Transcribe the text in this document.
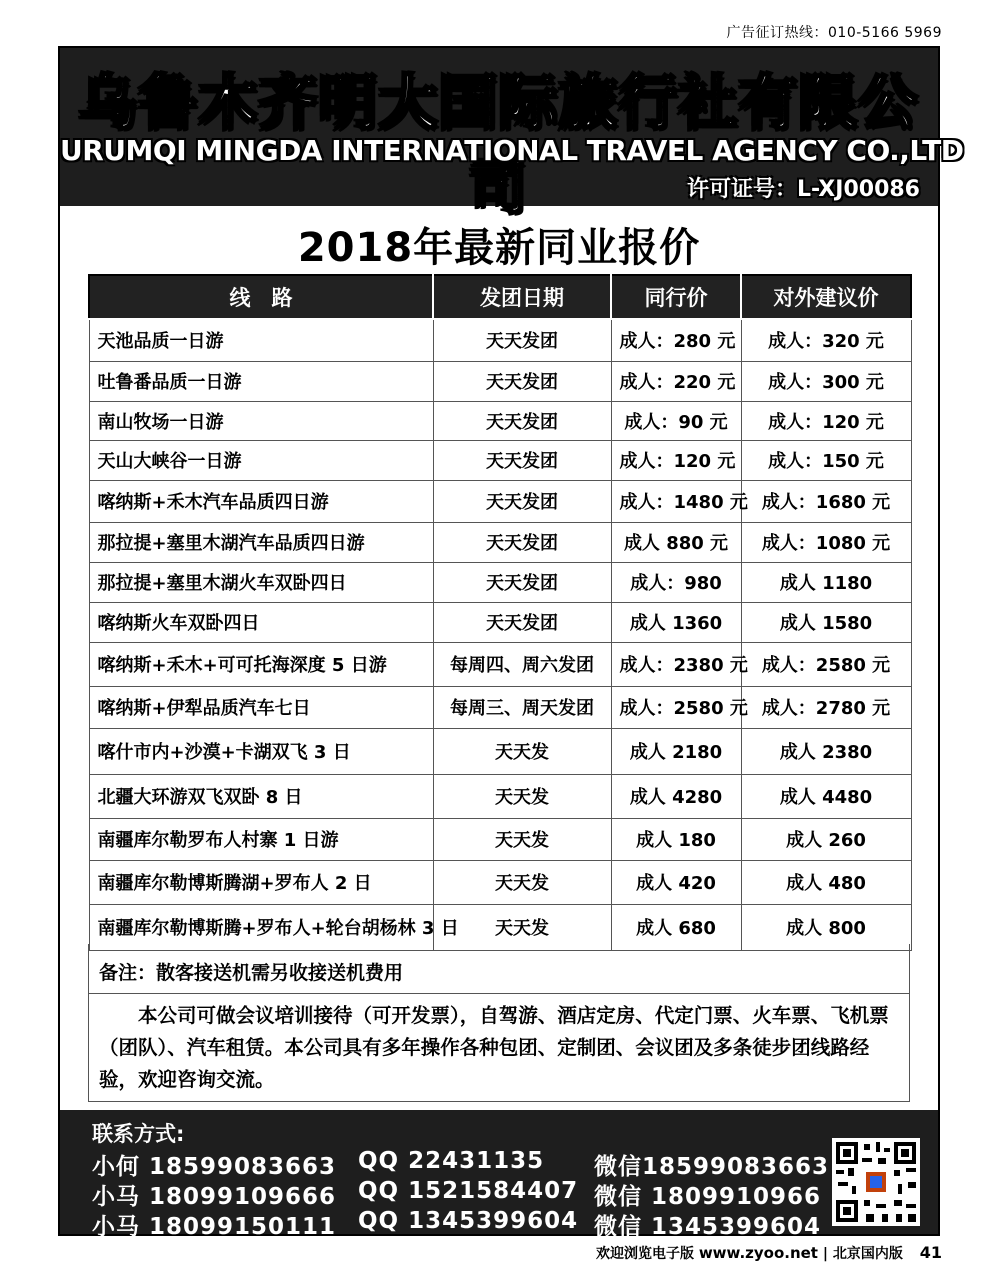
广告征订热线：010-5166 5969
乌鲁木齐明大国际旅行社有限公司
URUMQI MINGDA INTERNATIONAL TRAVEL AGENCY CO.,LTD
许可证号：L-XJ00086
2018年最新同业报价
线　路	发团日期	同行价	对外建议价
天池品质一日游	天天发团	成人：280 元	成人：320 元
吐鲁番品质一日游	天天发团	成人：220 元	成人：300 元
南山牧场一日游	天天发团	成人：90 元	成人：120 元
天山大峡谷一日游	天天发团	成人：120 元	成人：150 元
喀纳斯+禾木汽车品质四日游	天天发团	成人：1480 元	成人：1680 元
那拉提+塞里木湖汽车品质四日游	天天发团	成人 880 元	成人：1080 元
那拉提+塞里木湖火车双卧四日	天天发团	成人：980	成人 1180
喀纳斯火车双卧四日	天天发团	成人 1360	成人 1580
喀纳斯+禾木+可可托海深度 5 日游	每周四、周六发团	成人：2380 元	成人：2580 元
喀纳斯+伊犁品质汽车七日	每周三、周天发团	成人：2580 元	成人：2780 元
喀什市内+沙漠+卡湖双飞 3 日	天天发	成人 2180	成人 2380
北疆大环游双飞双卧 8 日	天天发	成人 4280	成人 4480
南疆库尔勒罗布人村寨 1 日游	天天发	成人 180	成人 260
南疆库尔勒博斯腾湖+罗布人 2 日	天天发	成人 420	成人 480
南疆库尔勒博斯腾+罗布人+轮台胡杨林 3 日	天天发	成人 680	成人 800
备注：散客接送机需另收接送机费用
本公司可做会议培训接待（可开发票），自驾游、酒店定房、代定门票、火车票、飞机票（团队）、汽车租赁。本公司具有多年操作各种包团、定制团、会议团及多条徒步团线路经验，欢迎咨询交流。
联系方式:
小何 18599083663 QQ 22431135 微信18599083663
小马 18099109666 QQ 1521584407 微信 1809910966
小马 18099150111 QQ 1345399604 微信 1345399604
欢迎浏览电子版 www.zyoo.net | 北京国内版 41
